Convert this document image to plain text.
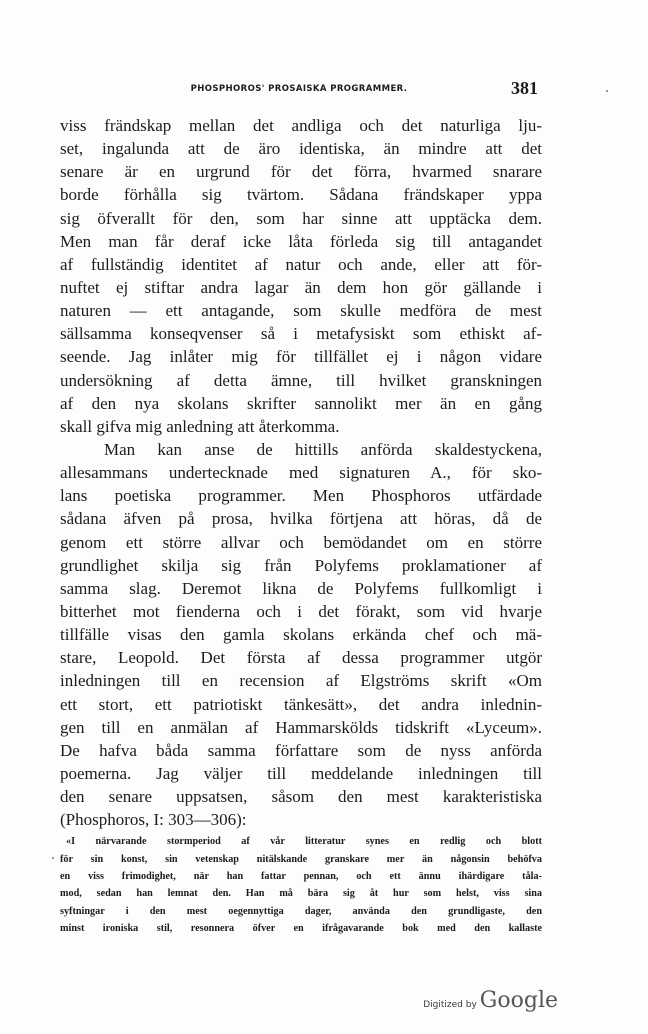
PHOSPHOROS' PROSAISKA PROGRAMMER.	381
viss frändskap mellan det andliga och det naturliga lju-
set, ingalunda att de äro identiska, än mindre att det
senare är en urgrund för det förra, hvarmed snarare
borde förhålla sig tvärtom. Sådana frändskaper yppa
sig öfverallt för den, som har sinne att upptäcka dem.
Men man får deraf icke låta förleda sig till antagandet
af fullständig identitet af natur och ande, eller att för-
nuftet ej stiftar andra lagar än dem hon gör gällande i
naturen — ett antagande, som skulle medföra de mest
sällsamma konseqvenser så i metafysiskt som ethiskt af-
seende. Jag inlåter mig för tillfället ej i någon vidare
undersökning af detta ämne, till hvilket granskningen
af den nya skolans skrifter sannolikt mer än en gång
skall gifva mig anledning att återkomma.
Man kan anse de hittills anförda skaldestyckena,
allesammans undertecknade med signaturen A., för sko-
lans poetiska programmer. Men Phosphoros utfärdade
sådana äfven på prosa, hvilka förtjena att höras, då de
genom ett större allvar och bemödandet om en större
grundlighet skilja sig från Polyfems proklamationer af
samma slag. Deremot likna de Polyfems fullkomligt i
bitterhet mot fienderna och i det förakt, som vid hvarje
tillfälle visas den gamla skolans erkända chef och mä-
stare, Leopold. Det första af dessa programmer utgör
inledningen till en recension af Elgströms skrift «Om
ett stort, ett patriotiskt tänkesätt», det andra inlednin-
gen till en anmälan af Hammarskölds tidskrift «Lyceum».
De hafva båda samma författare som de nyss anförda
poemerna. Jag väljer till meddelande inledningen till
den senare uppsatsen, såsom den mest karakteristiska
(Phosphoros, I: 303—306):
«I närvarande stormperiod af vår litteratur synes en redlig och blott
för sin konst, sin vetenskap nitälskande granskare mer än någonsin behöfva
en viss frimodighet, när han fattar pennan, och ett ännu ihärdigare tåla-
mod, sedan han lemnat den. Han må bära sig åt hur som helst, viss sina
syftningar i den mest oegennyttiga dager, använda den grundligaste, den
minst ironiska stil, resonnera öfver en ifrågavarande bok med den kallaste
Digitized by Google
